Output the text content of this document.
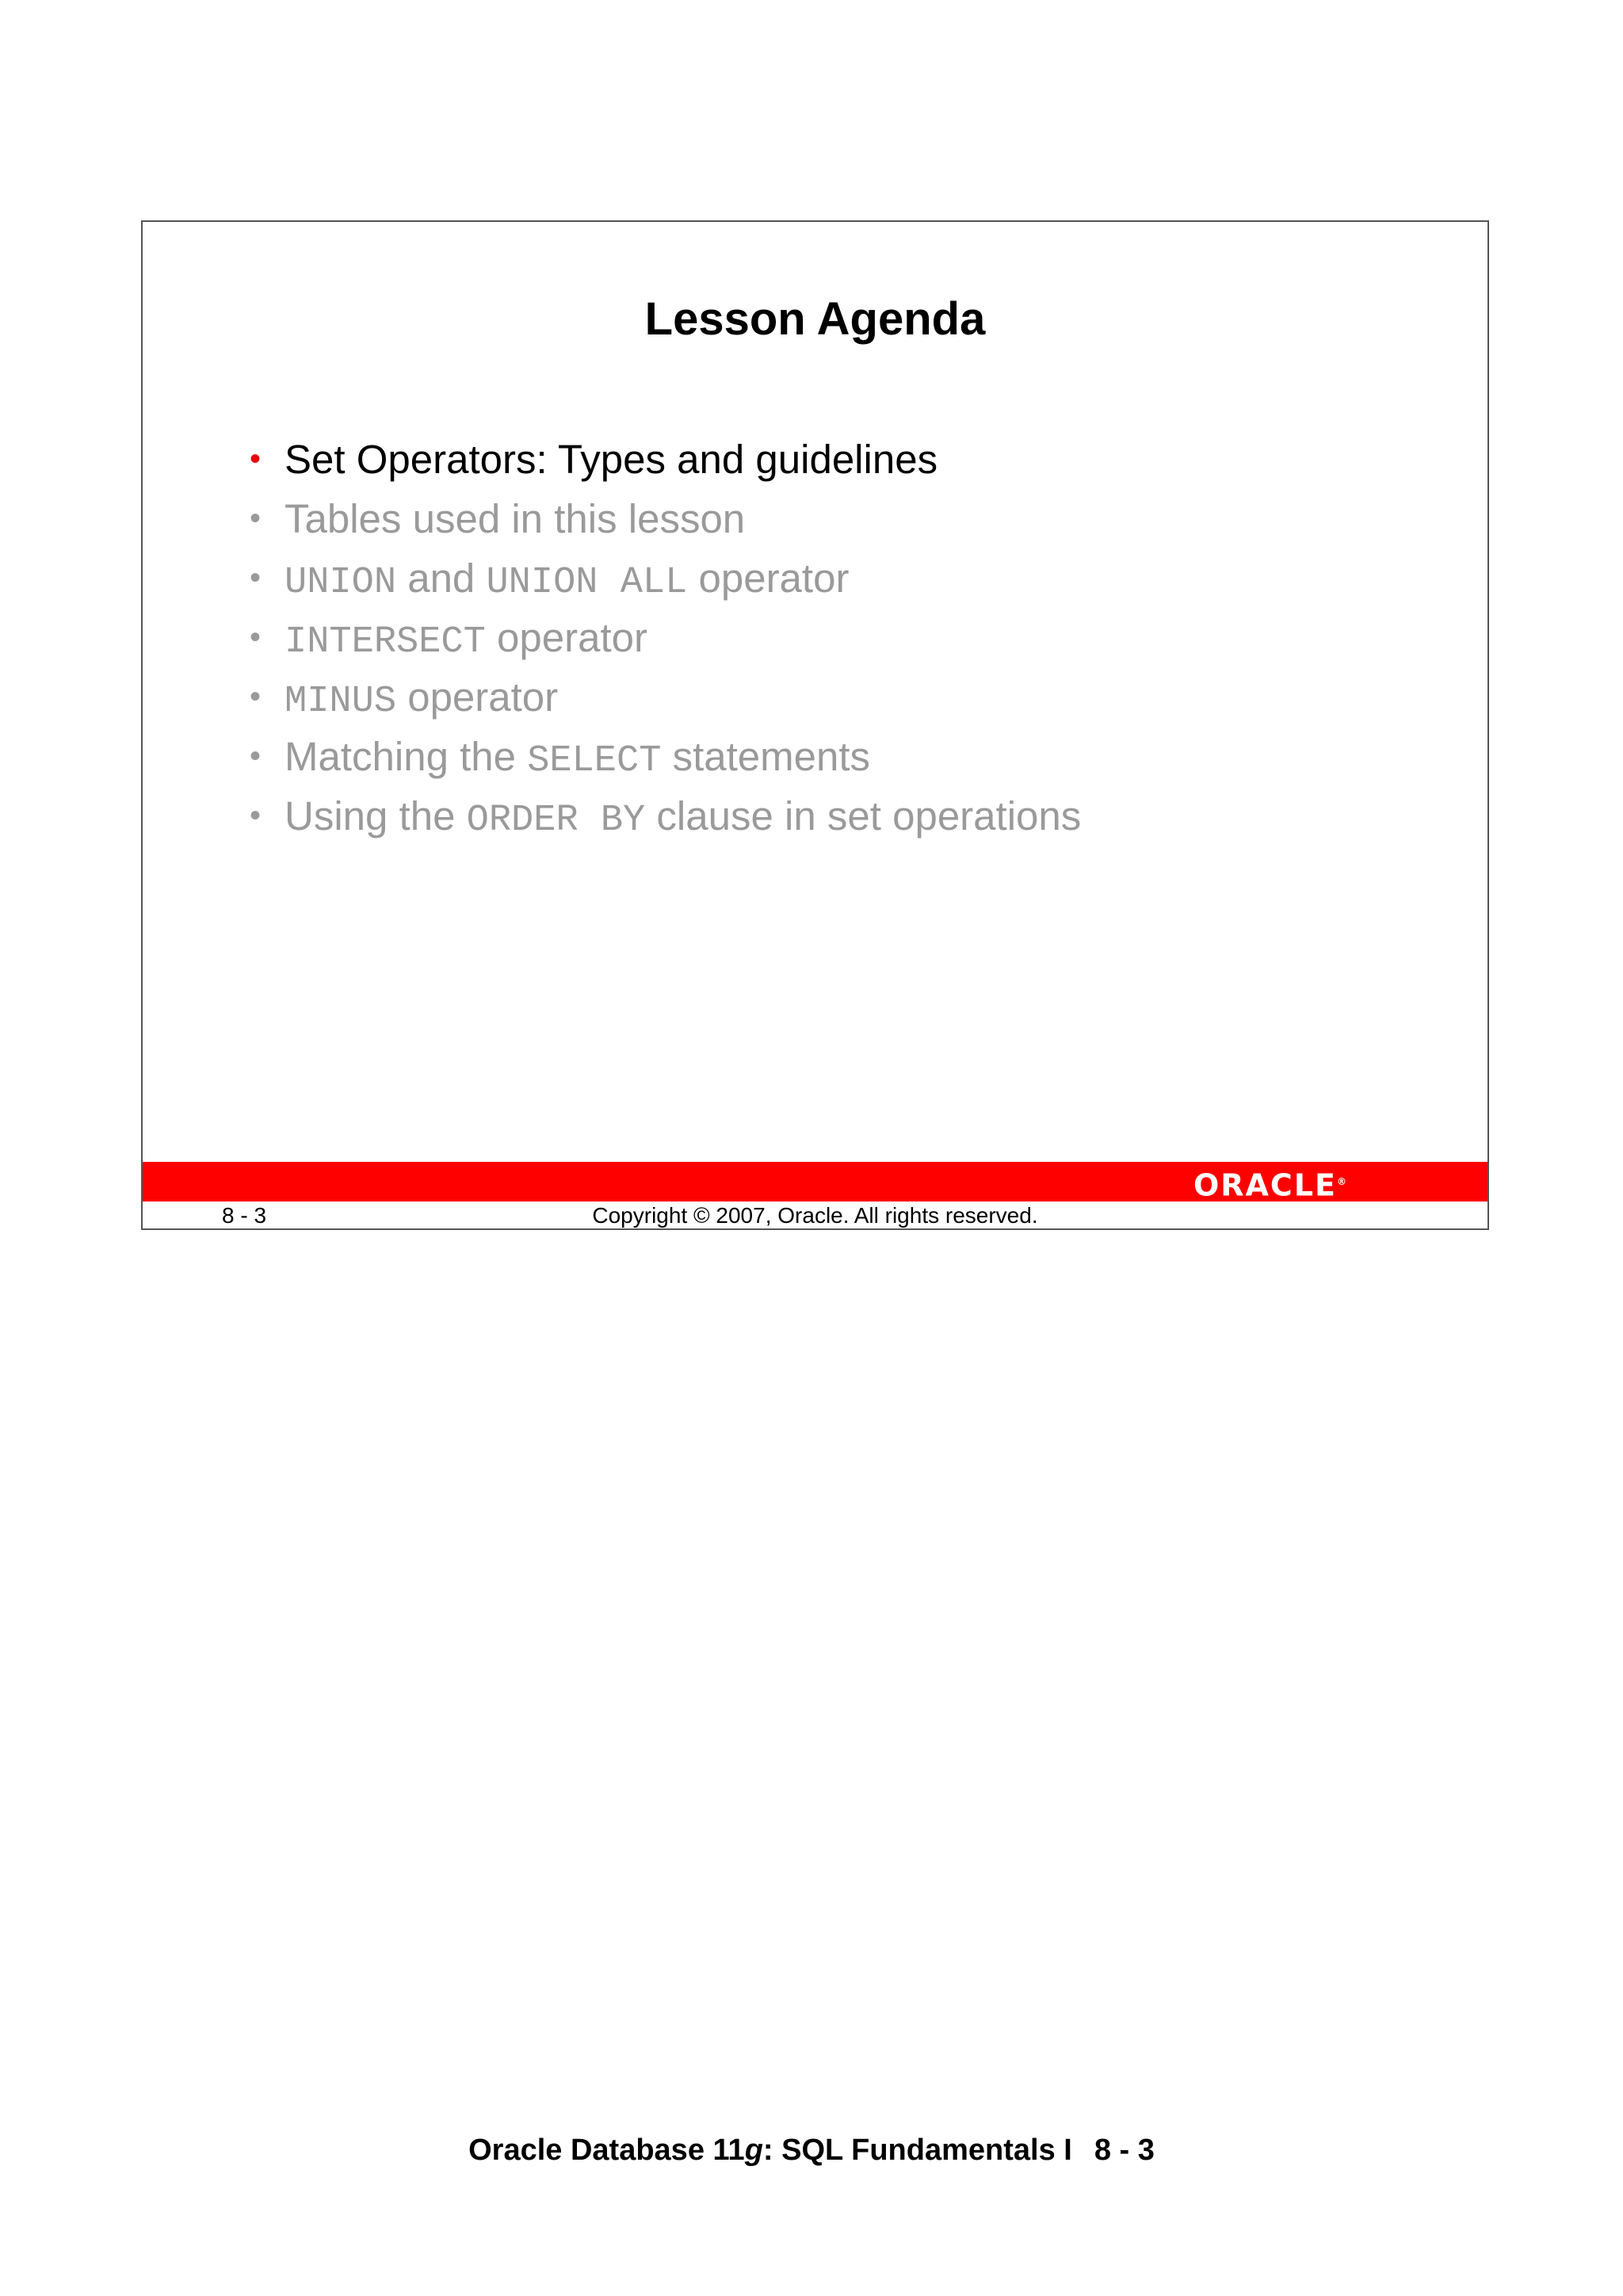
Lesson Agenda
• Set Operators: Types and guidelines
• Tables used in this lesson
• UNION and UNION ALL operator
• INTERSECT operator
• MINUS operator
• Matching the SELECT statements
• Using the ORDER BY clause in set operations
ORACLE®
8 - 3	Copyright © 2007, Oracle. All rights reserved.
Oracle Database 11g: SQL Fundamentals I 8 - 3
